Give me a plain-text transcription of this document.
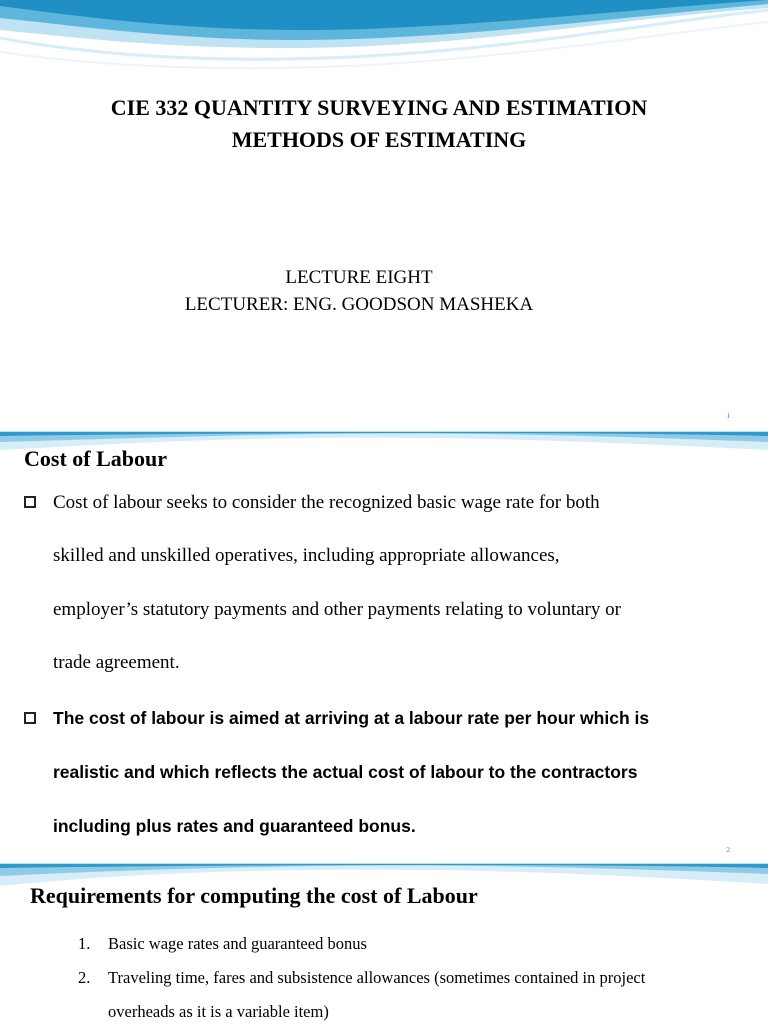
CIE 332 QUANTITY SURVEYING AND ESTIMATION
METHODS OF ESTIMATING
LECTURE EIGHT
LECTURER: ENG. GOODSON MASHEKA
1
Cost of Labour
Cost of labour seeks to consider the recognized basic wage rate for both
skilled and unskilled operatives, including appropriate allowances,
employer’s statutory payments and other payments relating to voluntary or
trade agreement.
The cost of labour is aimed at arriving at a labour rate per hour which is
realistic and which reflects the actual cost of labour to the contractors
including plus rates and guaranteed bonus.
2
Requirements for computing the cost of Labour
1. Basic wage rates and guaranteed bonus
2. Traveling time, fares and subsistence allowances (sometimes contained in project
overheads as it is a variable item)
